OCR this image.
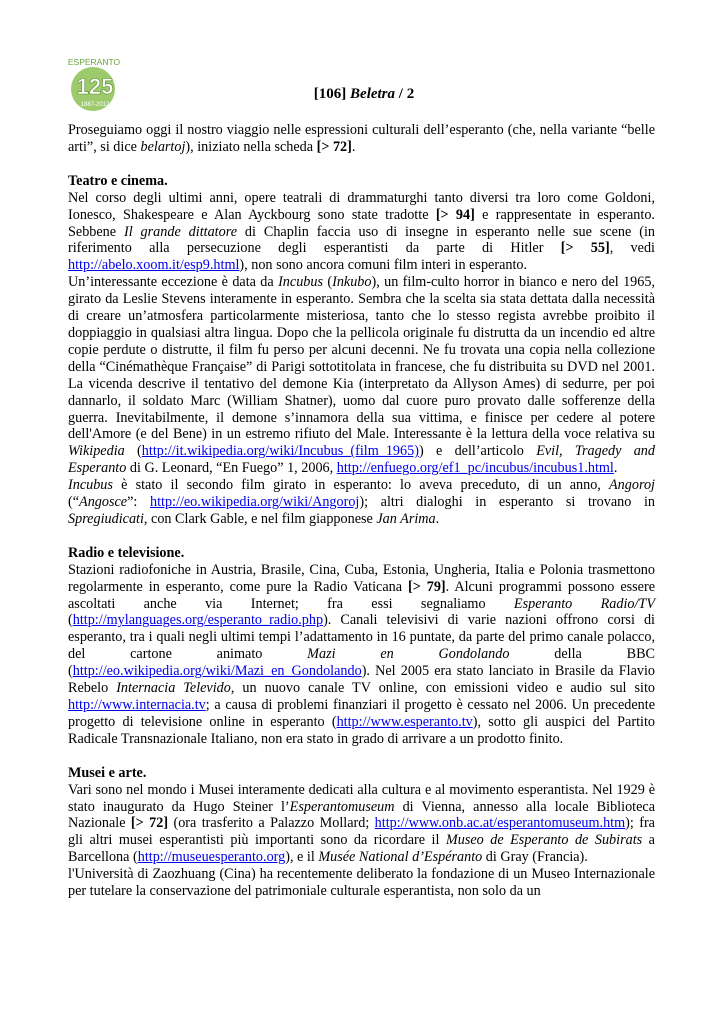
ESPERANTO
125
1887-2012
[106] Beletra / 2

Proseguiamo oggi il nostro viaggio nelle espressioni culturali dell’esperanto (che, nella variante “belle arti”, si dice belartoj), iniziato nella scheda [> 72].

Teatro e cinema.

Nel corso degli ultimi anni, opere teatrali di drammaturghi tanto diversi tra loro come Goldoni, Ionesco, Shakespeare e Alan Ayckbourg sono state tradotte [> 94] e rappresentate in esperanto. Sebbene Il grande dittatore di Chaplin faccia uso di insegne in esperanto nelle sue scene (in riferimento alla persecuzione degli esperantisti da parte di Hitler [> 55], vedi http://abelo.xoom.it/esp9.html), non sono ancora comuni film interi in esperanto.

Un’interessante eccezione è data da Incubus (Inkubo), un film-culto horror in bianco e nero del 1965, girato da Leslie Stevens interamente in esperanto. Sembra che la scelta sia stata dettata dalla necessità di creare un’atmosfera particolarmente misteriosa, tanto che lo stesso regista avrebbe proibito il doppiaggio in qualsiasi altra lingua. Dopo che la pellicola originale fu distrutta da un incendio ed altre copie perdute o distrutte, il film fu perso per alcuni decenni. Ne fu trovata una copia nella collezione della “Cinémathèque Française” di Parigi sottotitolata in francese, che fu distribuita su DVD nel 2001. La vicenda descrive il tentativo del demone Kia (interpretato da Allyson Ames) di sedurre, per poi dannarlo, il soldato Marc (William Shatner), uomo dal cuore puro provato dalle sofferenze della guerra. Inevitabilmente, il demone s’innamora della sua vittima, e finisce per cedere al potere dell'Amore (e del Bene) in un estremo rifiuto del Male. Interessante è la lettura della voce relativa su Wikipedia (http://it.wikipedia.org/wiki/Incubus_(film_1965)) e dell’articolo Evil, Tragedy and Esperanto di G. Leonard, “En Fuego” 1, 2006, http://enfuego.org/ef1_pc/incubus/incubus1.html.

Incubus è stato il secondo film girato in esperanto: lo aveva preceduto, di un anno, Angoroj (“Angosce”: http://eo.wikipedia.org/wiki/Angoroj); altri dialoghi in esperanto si trovano in Spregiudicati, con Clark Gable, e nel film giapponese Jan Arima.

Radio e televisione.

Stazioni radiofoniche in Austria, Brasile, Cina, Cuba, Estonia, Ungheria, Italia e Polonia trasmettono regolarmente in esperanto, come pure la Radio Vaticana [> 79]. Alcuni programmi possono essere ascoltati anche via Internet; fra essi segnaliamo Esperanto Radio/TV (http://mylanguages.org/esperanto_radio.php). Canali televisivi di varie nazioni offrono corsi di esperanto, tra i quali negli ultimi tempi l’adattamento in 16 puntate, da parte del primo canale polacco, del cartone animato Mazi en Gondolando della BBC (http://eo.wikipedia.org/wiki/Mazi_en_Gondolando). Nel 2005 era stato lanciato in Brasile da Flavio Rebelo Internacia Televido, un nuovo canale TV online, con emissioni video e audio sul sito http://www.internacia.tv; a causa di problemi finanziari il progetto è cessato nel 2006. Un precedente progetto di televisione online in esperanto (http://www.esperanto.tv), sotto gli auspici del Partito Radicale Transnazionale Italiano, non era stato in grado di arrivare a un prodotto finito.

Musei e arte.

Vari sono nel mondo i Musei interamente dedicati alla cultura e al movimento esperantista. Nel 1929 è stato inaugurato da Hugo Steiner l’Esperantomuseum di Vienna, annesso alla locale Biblioteca Nazionale [> 72] (ora trasferito a Palazzo Mollard; http://www.onb.ac.at/esperantomuseum.htm); fra gli altri musei esperantisti più importanti sono da ricordare il Museo de Esperanto de Subirats a Barcellona (http://museuesperanto.org), e il Musée National d’Espéranto di Gray (Francia).

l'Università di Zaozhuang (Cina) ha recentemente deliberato la fondazione di un Museo Internazionale per tutelare la conservazione del patrimoniale culturale esperantista, non solo da un
